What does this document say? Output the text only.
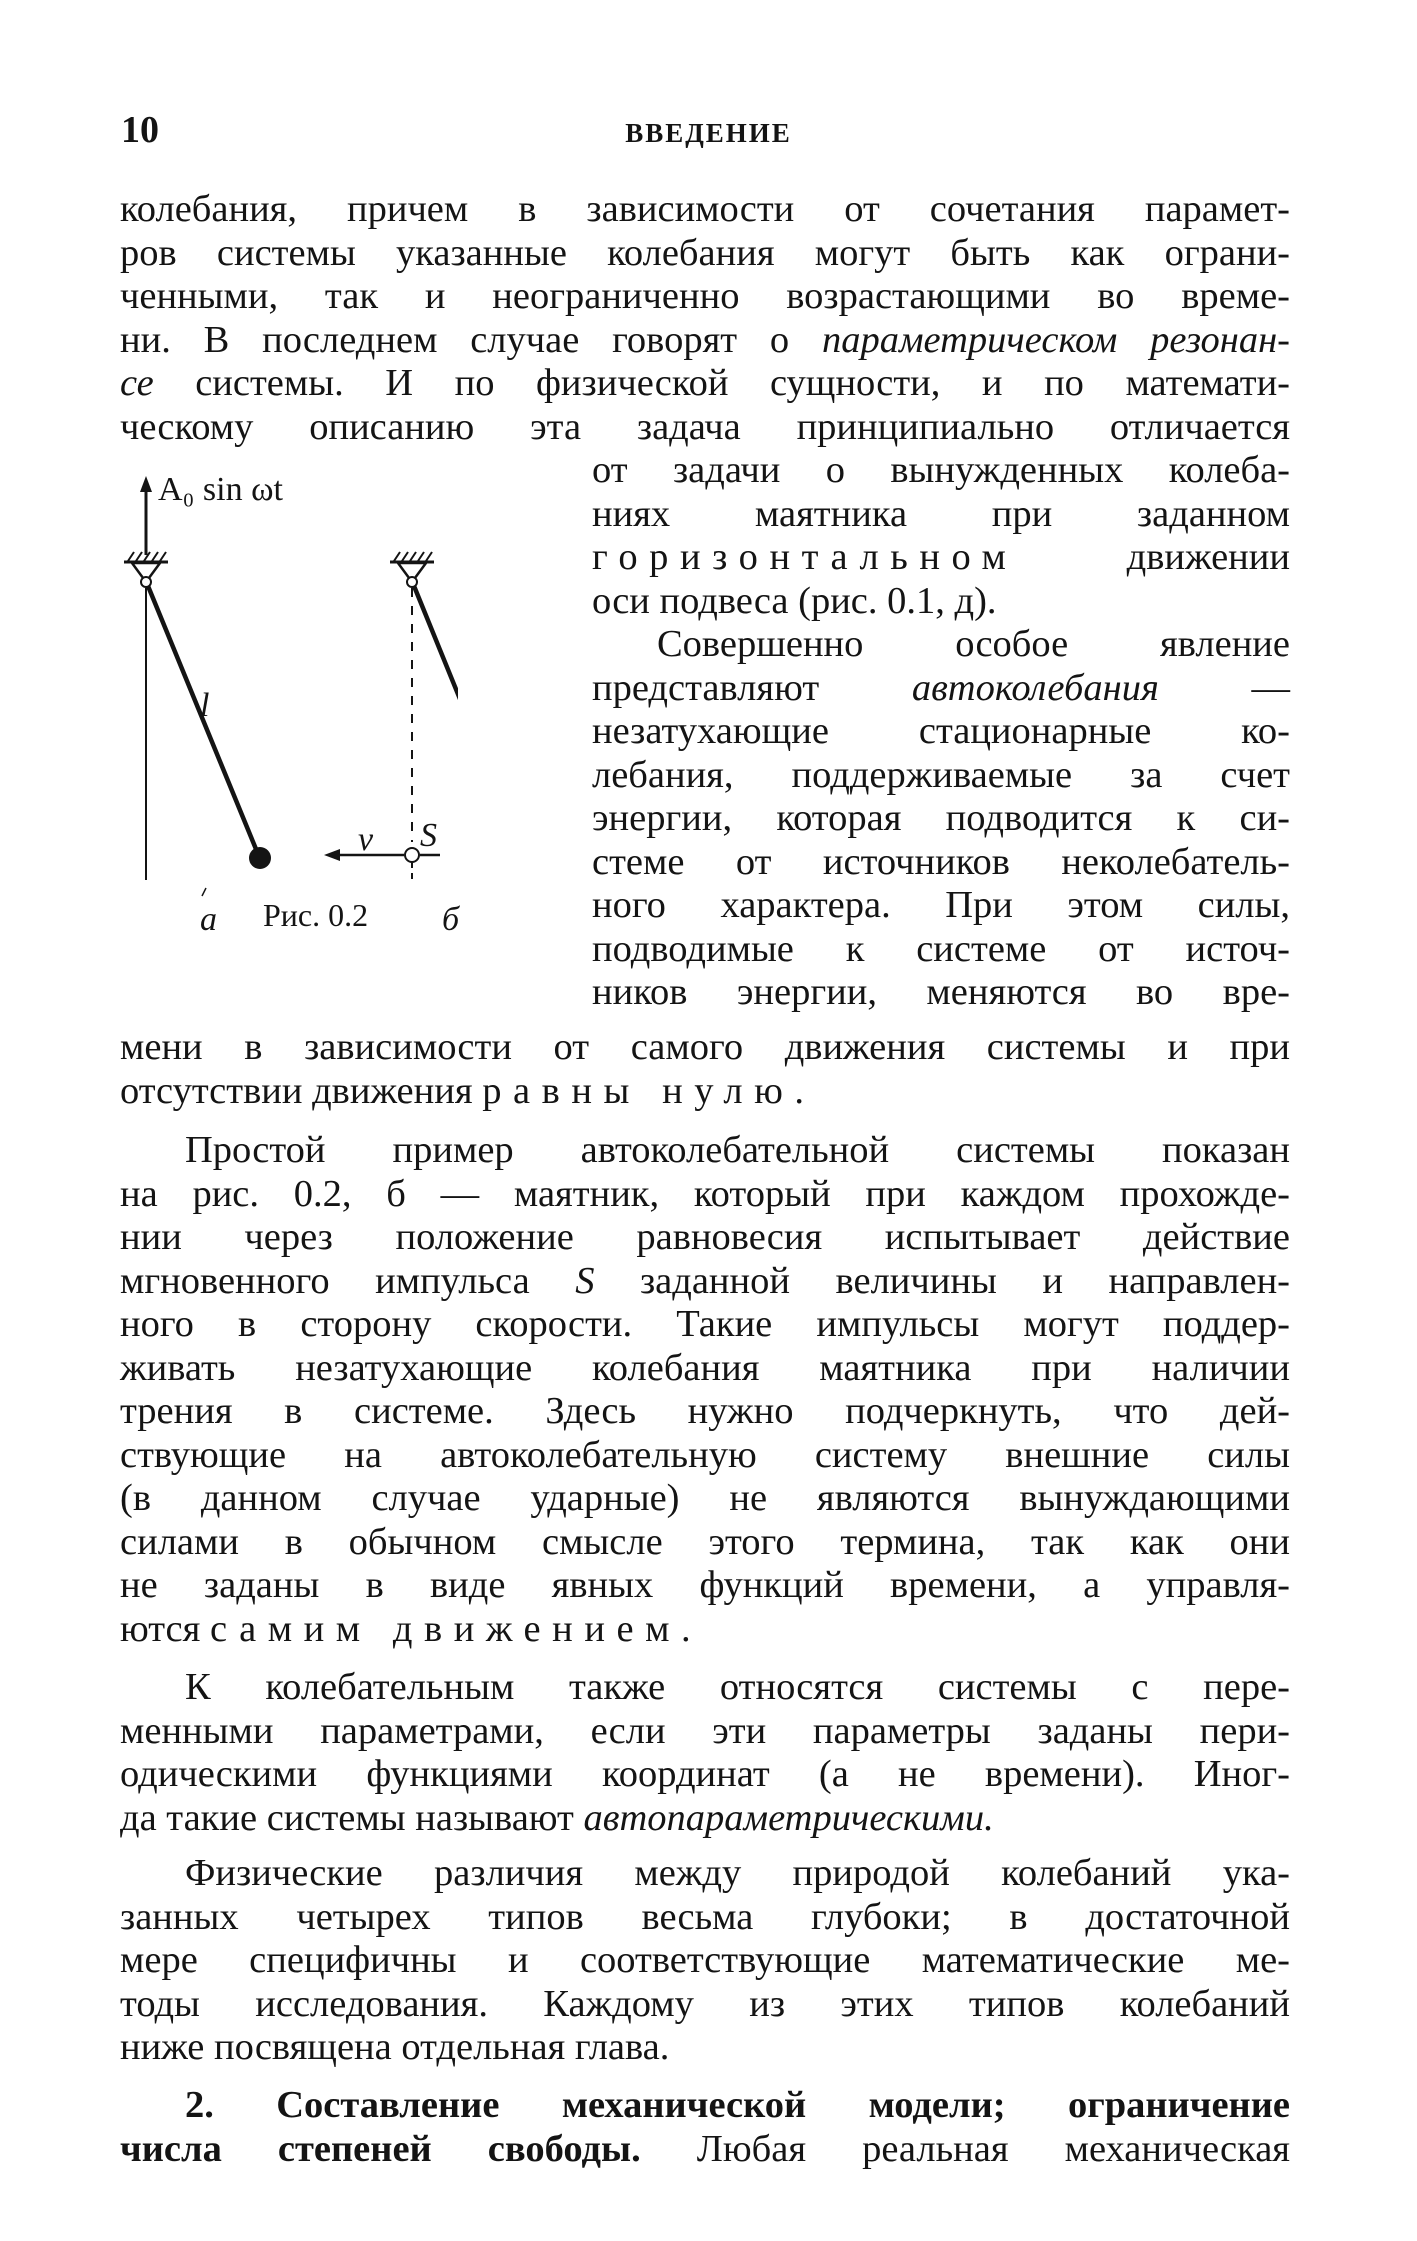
10	ВВЕДЕНИЕ
колебания, причем в зависимости от сочетания парамет-
ров системы указанные колебания могут быть как ограни-
ченными, так и неограниченно возрастающими во време-
ни. В последнем случае говорят о параметрическом резонан-
се системы. И по физической сущности, и по математи-
ческому описанию эта задача принципиально отличается
A₀ sin ωt
l
v S
а	б
Рис. 0.2
от задачи о вынужденных колеба-
ниях маятника при заданном
горизонтальном	движении
оси подвеса (рис. 0.1, д).
Совершенно особое явление
представляют автоколебания —
незатухающие стационарные ко-
лебания, поддерживаемые за счет
энергии, которая подводится к си-
стеме от источников неколебатель-
ного характера. При этом силы,
подводимые к системе от источ-
ников энергии, меняются во вре-
мени в зависимости от самого движения системы и при
отсутствии движения равны нулю.
Простой пример автоколебательной системы показан
на рис. 0.2, б — маятник, который при каждом прохожде-
нии через положение равновесия испытывает действие
мгновенного импульса S заданной величины и направлен-
ного в сторону скорости. Такие импульсы могут поддер-
живать незатухающие колебания маятника при наличии
трения в системе. Здесь нужно подчеркнуть, что дей-
ствующие на автоколебательную систему внешние силы
(в данном случае ударные) не являются вынуждающими
силами в обычном смысле этого термина, так как они
не заданы в виде явных функций времени, а управля-
ются самим движением.
К колебательным также относятся системы с пере-
менными параметрами, если эти параметры заданы пери-
одическими функциями координат (а не времени). Иног-
да такие системы называют автопараметрическими.
Физические различия между природой колебаний ука-
занных четырех типов весьма глубоки; в достаточной
мере специфичны и соответствующие математические ме-
тоды исследования. Каждому из этих типов колебаний
ниже посвящена отдельная глава.
2. Составление механической модели; ограничение
числа степеней свободы. Любая реальная механическая
